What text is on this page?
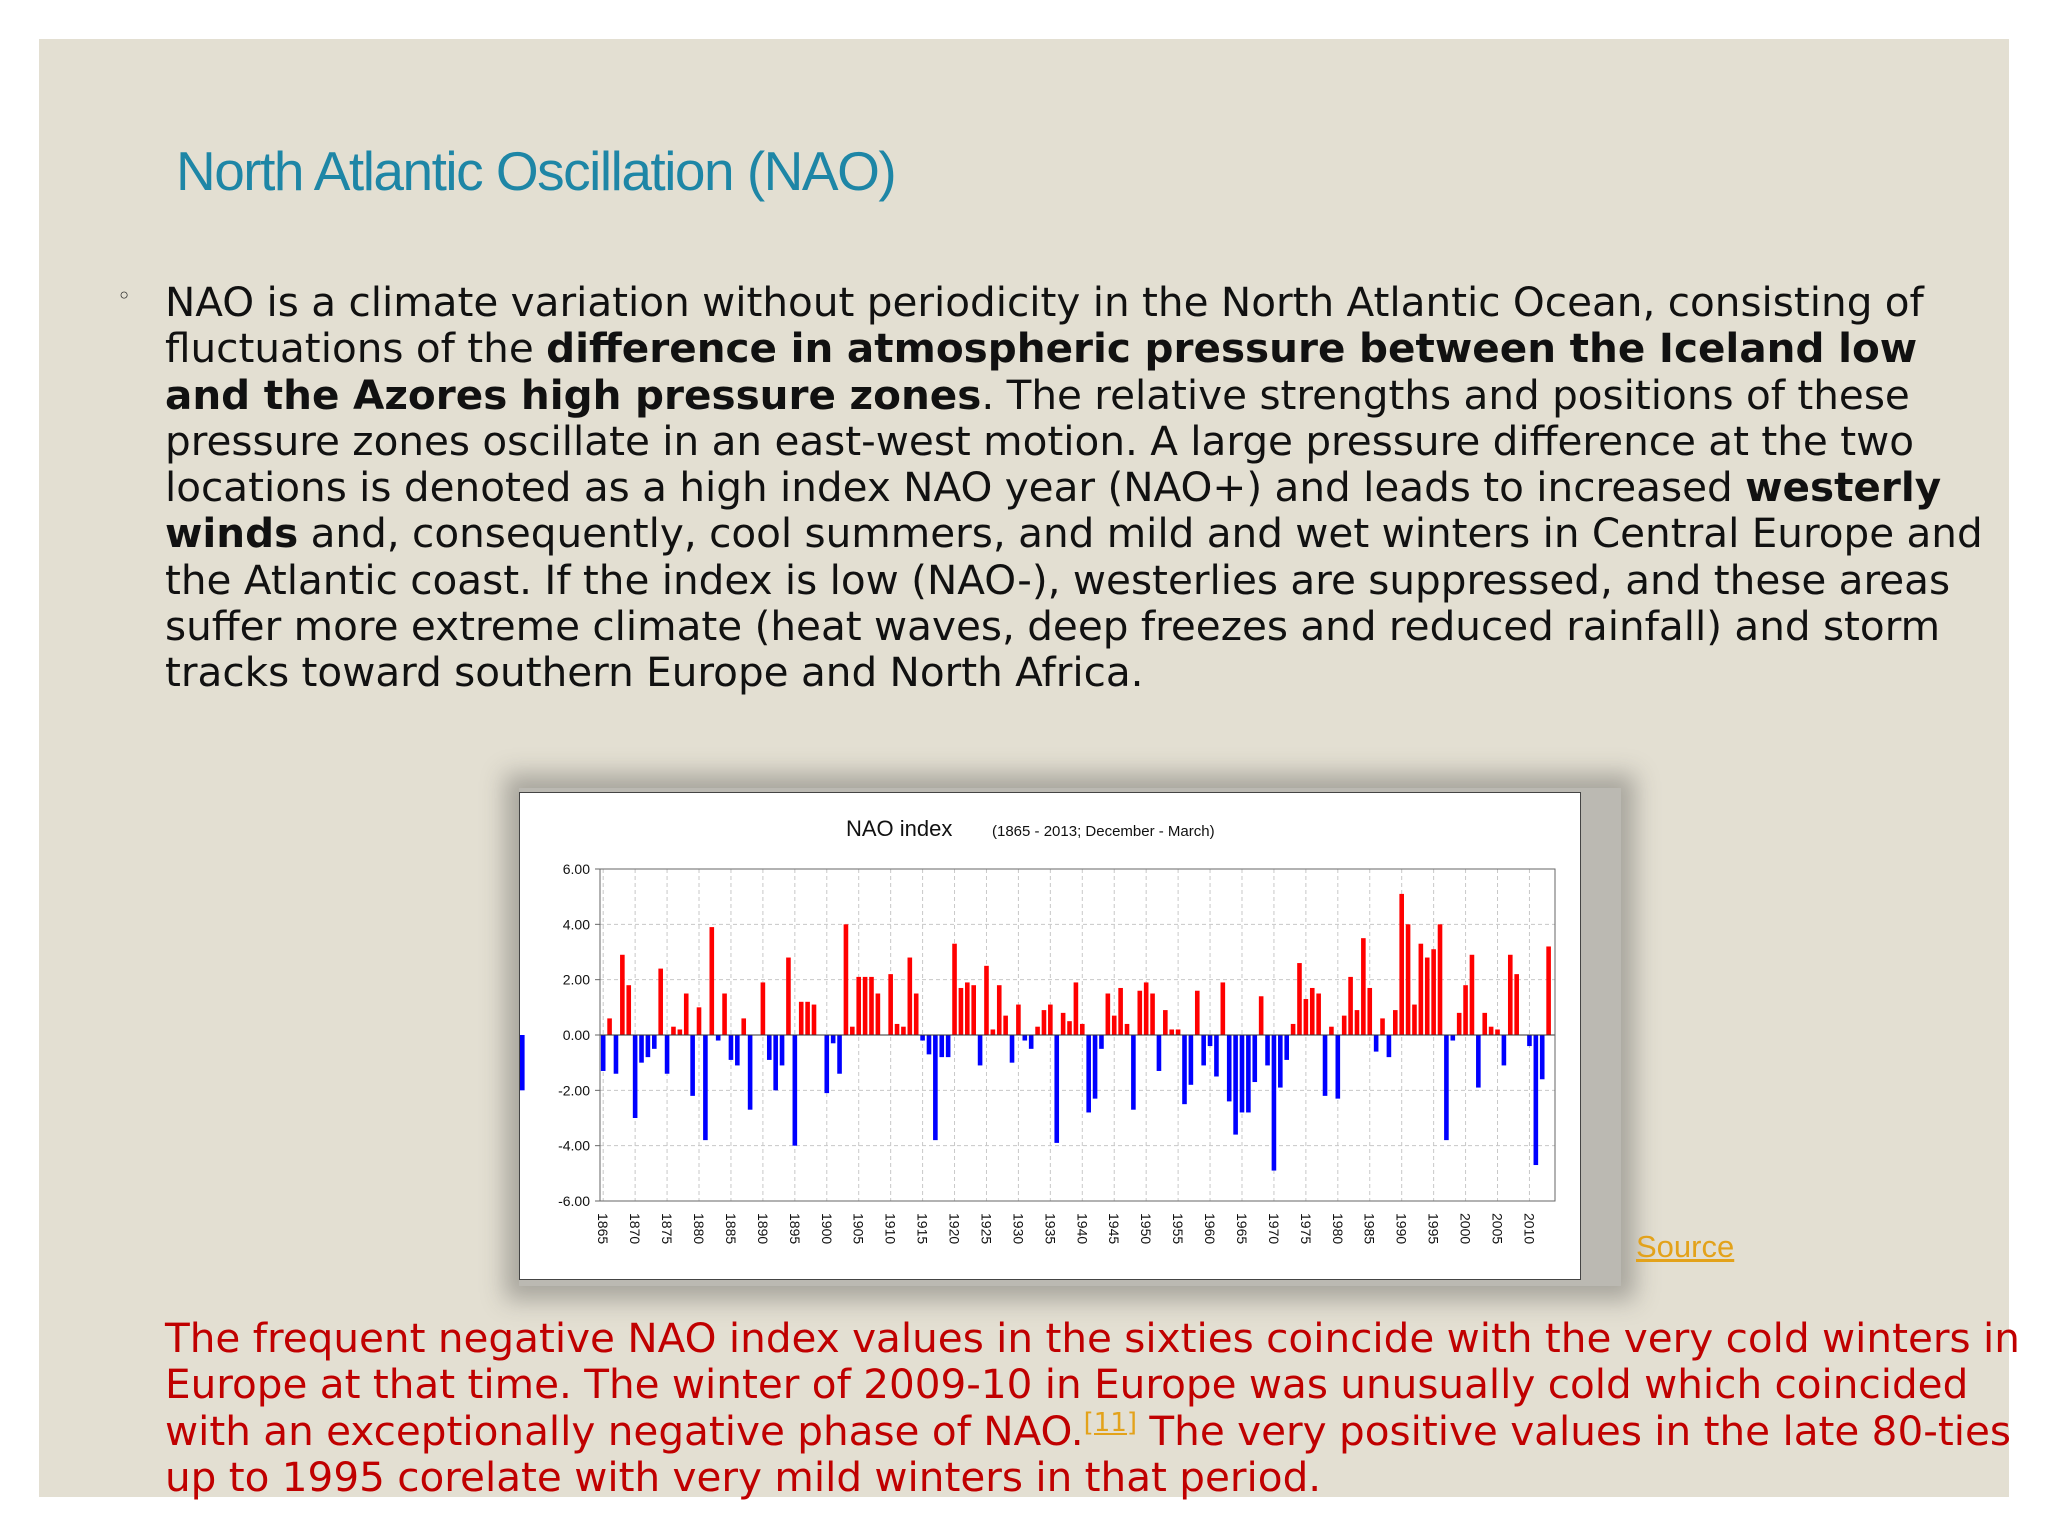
North Atlantic Oscillation (NAO)
◦ NAO is a climate variation without periodicity in the North Atlantic Ocean, consisting of fluctuations of the difference in atmospheric pressure between the Iceland low and the Azores high pressure zones. The relative strengths and positions of these pressure zones oscillate in an east-west motion. A large pressure difference at the two locations is denoted as a high index NAO year (NAO+) and leads to increased westerly winds and, consequently, cool summers, and mild and wet winters in Central Europe and the Atlantic coast. If the index is low (NAO-), westerlies are suppressed, and these areas suffer more extreme climate (heat waves, deep freezes and reduced rainfall) and storm tracks toward southern Europe and North Africa.
NAO index	(1865 - 2013; December - March)
6.00
4.00
2.00
0.00
-2.00
-4.00
-6.00
1865 1870 1875 1880 1885 1890 1895 1900 1905 1910 1915 1920 1925 1930 1935 1940 1945 1950 1955 1960 1965 1970 1975 1980 1985 1990 1995 2000 2005 2010
Source
The frequent negative NAO index values in the sixties coincide with the very cold winters in Europe at that time. The winter of 2009-10 in Europe was unusually cold which coincided with an exceptionally negative phase of NAO.[11] The very positive values in the late 80-ties up to 1995 corelate with very mild winters in that period.
